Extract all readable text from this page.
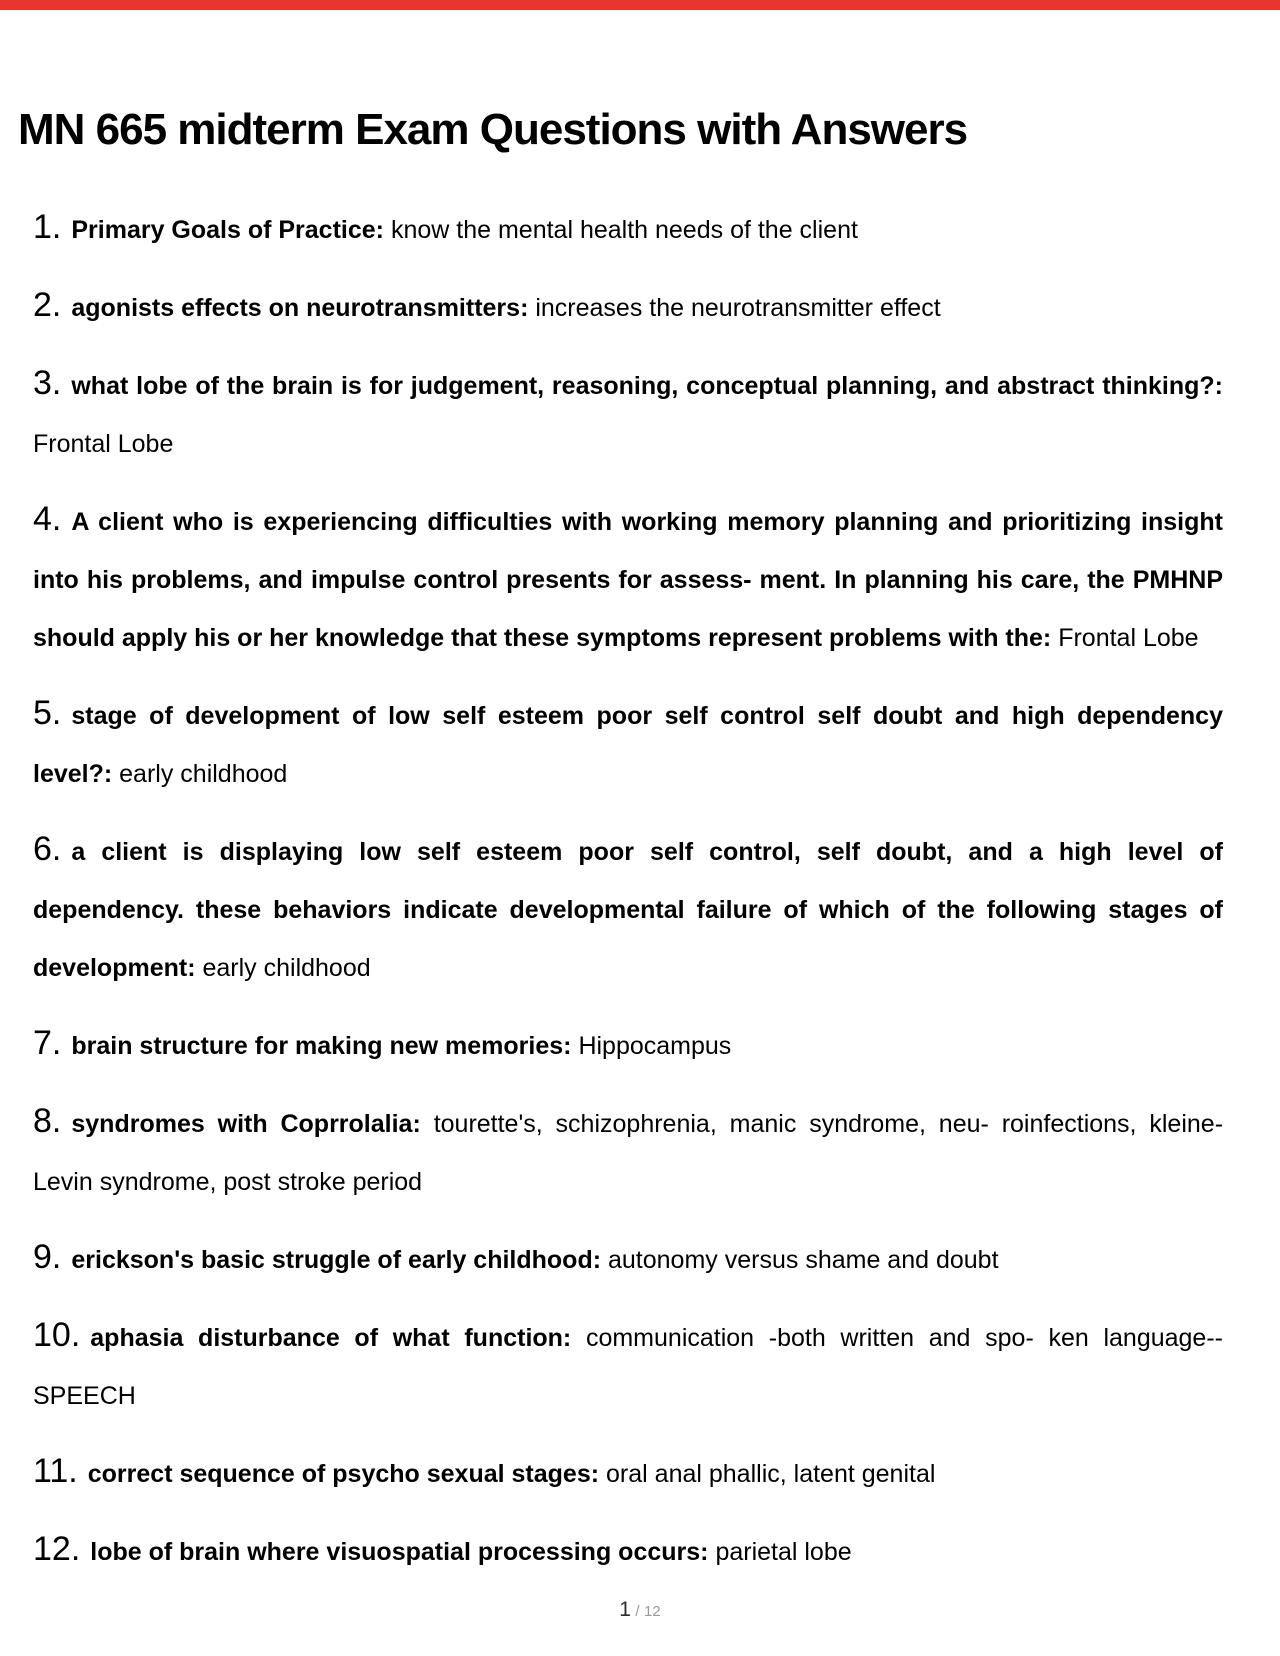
MN 665 midterm Exam Questions with Answers

1. Primary Goals of Practice: know the mental health needs of the client

2. agonists effects on neurotransmitters: increases the neurotransmitter effect

3. what lobe of the brain is for judgement, reasoning, conceptual planning, and abstract thinking?: Frontal Lobe

4. A client who is experiencing difficulties with working memory planning and prioritizing insight into his problems, and impulse control presents for assess- ment. In planning his care, the PMHNP should apply his or her knowledge that these symptoms represent problems with the: Frontal Lobe

5. stage of development of low self esteem poor self control self doubt and high dependency level?: early childhood

6. a client is displaying low self esteem poor self control, self doubt, and a high level of dependency. these behaviors indicate developmental failure of which of the following stages of development: early childhood

7. brain structure for making new memories: Hippocampus

8. syndromes with Coprrolalia: tourette's, schizophrenia, manic syndrome, neu- roinfections, kleine-Levin syndrome, post stroke period

9. erickson's basic struggle of early childhood: autonomy versus shame and doubt

10. aphasia disturbance of what function: communication -both written and spo- ken language-- SPEECH

11. correct sequence of psycho sexual stages: oral anal phallic, latent genital

12. lobe of brain where visuospatial processing occurs: parietal lobe

1 / 12
